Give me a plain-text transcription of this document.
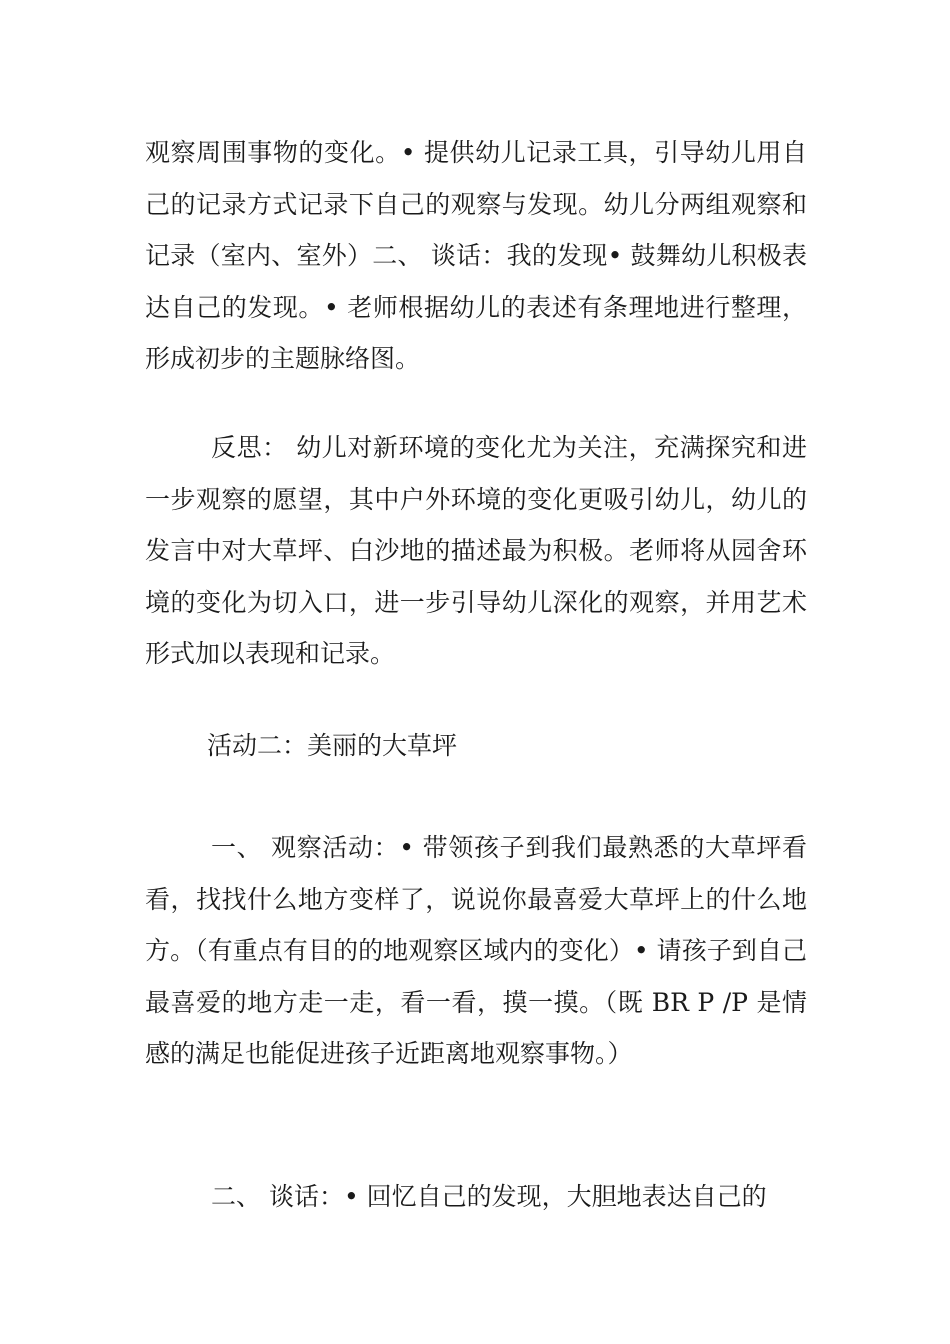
观察周围事物的变化。• 提供幼儿记录工具，引导幼儿用自己的记录方式记录下自己的观察与发现。幼儿分两组观察和记录（室内、室外）二、 谈话：我的发现• 鼓舞幼儿积极表达自己的发现。• 老师根据幼儿的表述有条理地进行整理，形成初步的主题脉络图。

反思： 幼儿对新环境的变化尤为关注，充满探究和进一步观察的愿望，其中户外环境的变化更吸引幼儿，幼儿的发言中对大草坪、白沙地的描述最为积极。老师将从园舍环境的变化为切入口，进一步引导幼儿深化的观察，并用艺术形式加以表现和记录。

活动二：美丽的大草坪

一、 观察活动：• 带领孩子到我们最熟悉的大草坪看看，找找什么地方变样了，说说你最喜爱大草坪上的什么地方。（有重点有目的的地观察区域内的变化）• 请孩子到自己最喜爱的地方走一走，看一看，摸一摸。（既 BR P /P 是情感的满足也能促进孩子近距离地观察事物。）

二、 谈话：• 回忆自己的发现，大胆地表达自己的
